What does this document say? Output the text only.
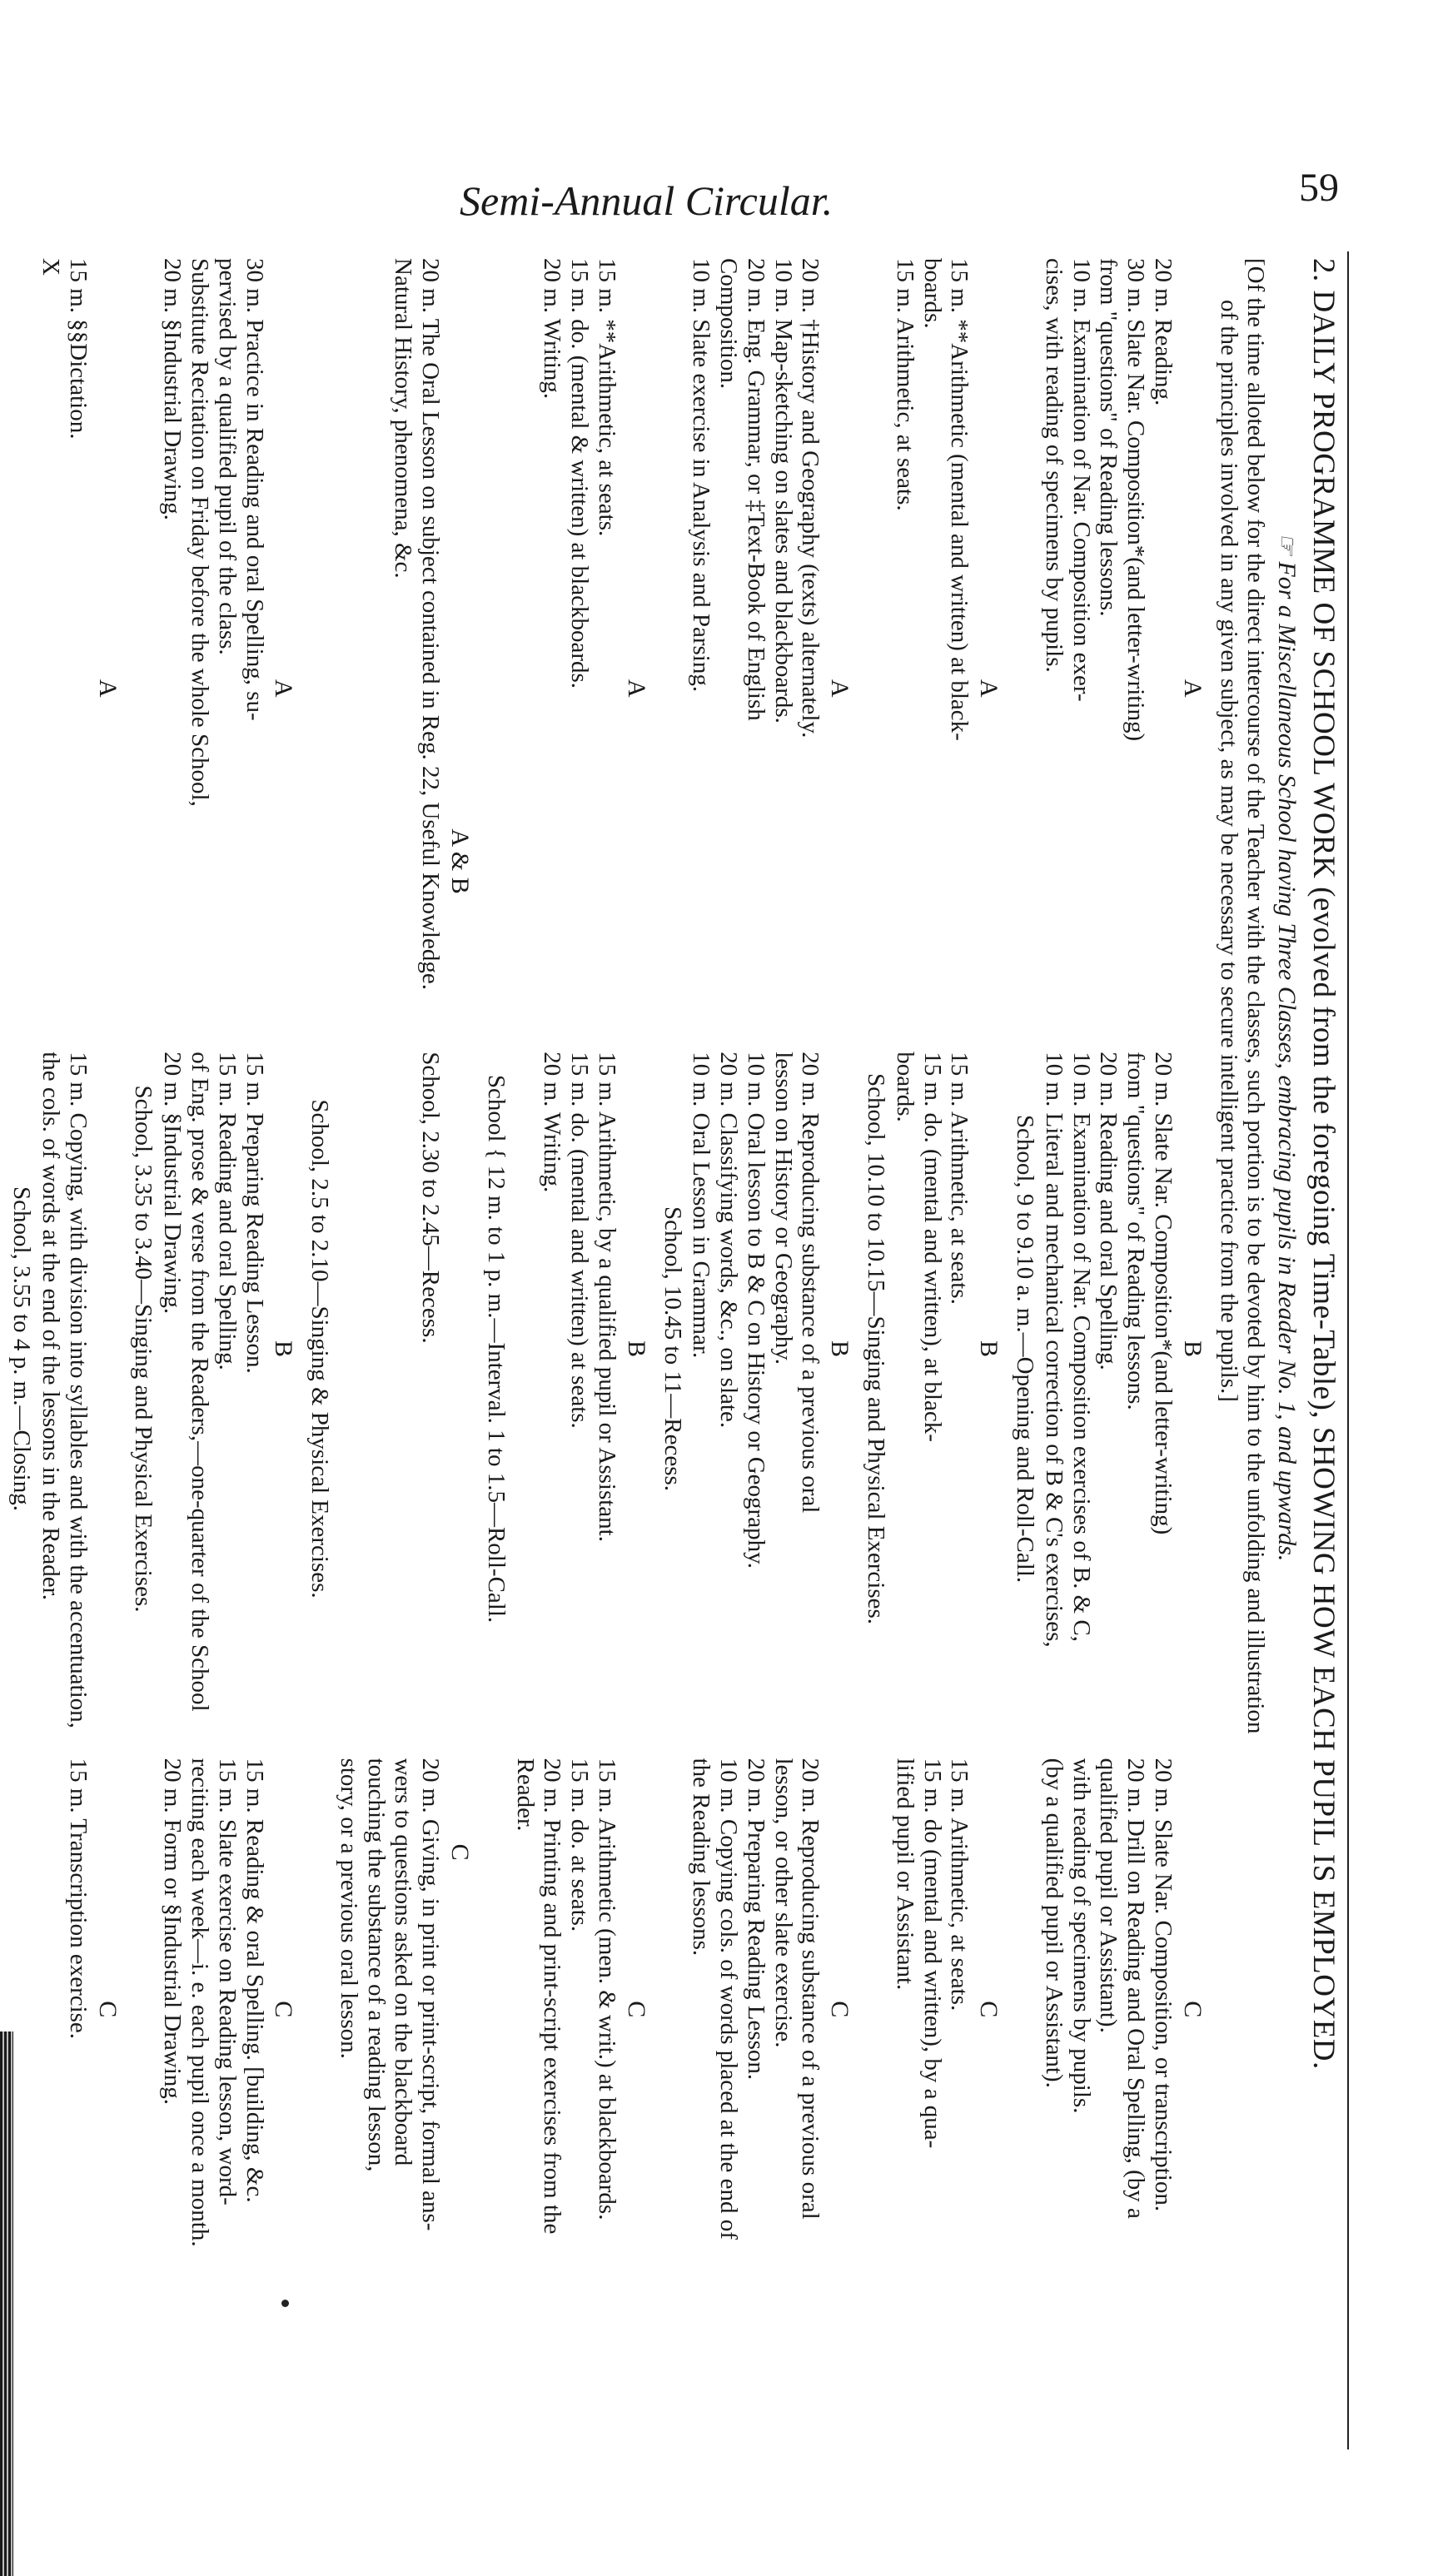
Semi-Annual Circular.	59
2. DAILY PROGRAMME OF SCHOOL WORK (evolved from the foregoing Time-Table), SHOWING HOW EACH PUPIL IS EMPLOYED.
☞ For a Miscellaneous School having Three Classes, embracing pupils in Reader No. 1, and upwards.
[Of the time alloted below for the direct intercourse of the Teacher with the classes, such portion is to be devoted by him to the unfolding and illustration
of the principles involved in any given subject, as may be necessary to secure intelligent practice from the pupils.]
A
B
C
20 m. Reading.
30 m. Slate Nar. Composition*(and letter-writing)
from "questions" of Reading lessons.
10 m. Examination of Nar. Composition exer-
cises, with reading of specimens by pupils.
20 m. Slate Nar. Composition*(and letter-writing)
from "questions" of Reading lessons.
20 m. Reading and oral Spelling.
10 m. Examination of Nar. Composition exercises of B. & C,
10 m. Literal and mechanical correction of B & C's exercises,
20 m. Slate Nar. Composition, or transcription.
20 m. Drill on Reading and Oral Spelling, (by a
qualified pupil or Assistant).
with reading of specimens by pupils.
(by a qualified pupil or Assistant).
School, 9 to 9.10 a. m.—Opening and Roll-Call.
A
B
C
15 m. **Arithmetic (mental and written) at black-
boards.
15 m. Arithmetic, at seats.
15 m. Arithmetic, at seats.
15 m. do. (mental and written), at black-
boards.
15 m. Arithmetic, at seats.
15 m. do (mental and written), by a qua-
lified pupil or Assistant.
School, 10.10 to 10.15—Singing and Physical Exercises.
A
B
C
20 m. †History and Geography (texts) alternately.
10 m. Map-sketching on slates and blackboards.
20 m. Eng. Grammar, or ‡Text-Book of English
Composition.
10 m. Slate exercise in Analysis and Parsing.
20 m. Reproducing substance of a previous oral
lesson on History or Geography.
10 m. Oral lesson to B & C on History or Geography.
20 m. Classifying words, &c., on slate.
10 m. Oral Lesson in Grammar.
20 m. Reproducing substance of a previous oral
lesson, or other slate exercise.
20 m. Preparing Reading Lesson.
10 m. Copying cols. of words placed at the end of
the Reading lessons.
School, 10.45 to 11—Recess.
A
B
C
15 m. **Arithmetic, at seats.
15 m. do. (mental & written) at blackboards.
20 m. Writing.
15 m. Arithmetic, by a qualified pupil or Assistant.
15 m. do. (mental and written) at seats.
20 m. Writing.
15 m. Arithmetic (men. & writ.) at blackboards.
15 m. do. at seats.
20 m. Printing and print-script exercises from the
Reader.
School { 12 m. to 1 p. m.—Interval. 1 to 1.5—Roll-Call.
A & B
C
20 m. The Oral Lesson on subject contained in Reg. 22, Useful Knowledge.
Natural History, phenomena, &c.
School, 2.30 to 2.45—Recess.
20 m. Giving, in print or print-script, formal ans-
wers to questions asked on the blackboard
touching the substance of a reading lesson,
story, or a previous oral lesson.
School, 2.5 to 2.10—Singing & Physical Exercises.
A
B
C
30 m. Practice in Reading and oral Spelling, su-
pervised by a qualified pupil of the class.
Substitute Recitation on Friday before the whole School,
20 m. §Industrial Drawing.
15 m. Preparing Reading Lesson.
15 m. Reading and oral Spelling.
of Eng. prose & verse from the Readers,—one-quarter of the School
20 m. §Industrial Drawing.
15 m. Reading & oral Spelling. [building, &c.
15 m. Slate exercise on Reading lesson, word-
reciting each week—i. e. each pupil once a month.
20 m. Form or §Industrial Drawing.
School, 3.35 to 3.40—Singing and Physical Exercises.
A
C
15 m. §§Dictation.
X
15 m. Copying, with division into syllables and with the accentuation,
the cols. of words at the end of the lessons in the Reader.
15 m. Transcription exercise.
School, 3.55 to 4 p. m.—Closing.
